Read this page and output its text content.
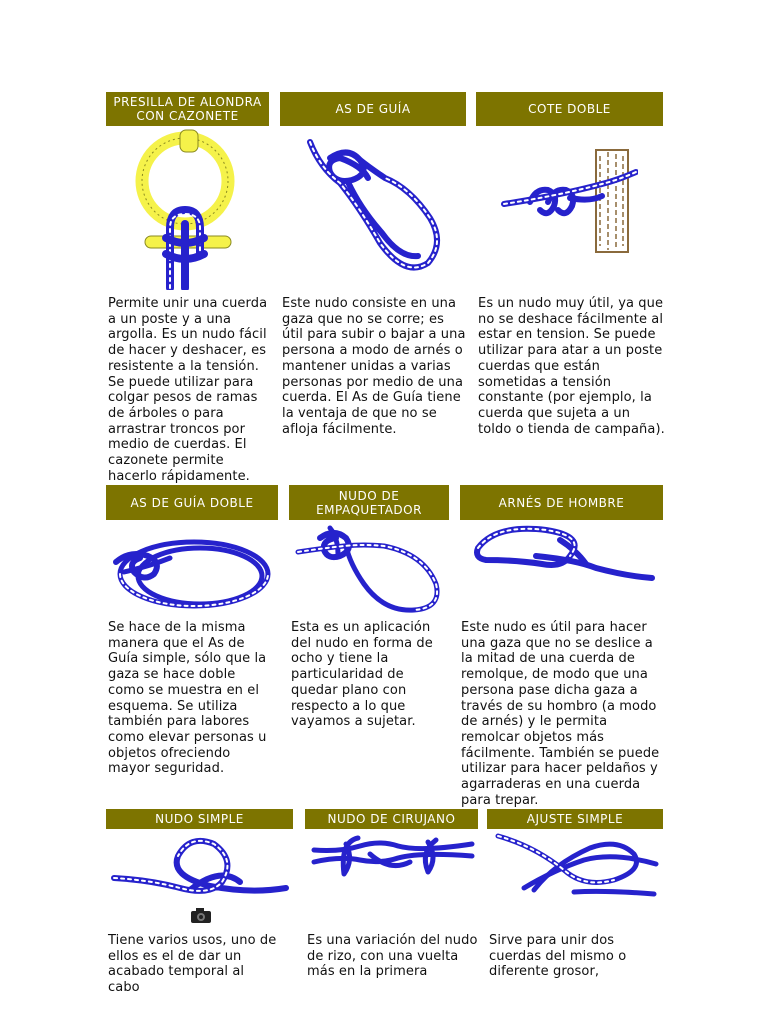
PRESILLA DE ALONDRA CON CAZONETE	AS DE GUÍA	COTE DOBLE
Permite unir una cuerda a un poste y a una argolla. Es un nudo fácil de hacer y deshacer, es resistente a la tensión. Se puede utilizar para colgar pesos de ramas de árboles o para arrastrar troncos por medio de cuerdas. El cazonete permite hacerlo rápidamente.
Este nudo consiste en una gaza que no se corre; es útil para subir o bajar a una persona a modo de arnés o mantener unidas a varias personas por medio de una cuerda. El As de Guía tiene la ventaja de que no se afloja fácilmente.
Es un nudo muy útil, ya que no se deshace fácilmente al estar en tension. Se puede utilizar para atar a un poste cuerdas que están sometidas a tensión constante (por ejemplo, la cuerda que sujeta a un toldo o tienda de campaña).
AS DE GUÍA DOBLE	NUDO DE EMPAQUETADOR	ARNÉS DE HOMBRE
Se hace de la misma manera que el As de Guía simple, sólo que la gaza se hace doble como se muestra en el esquema. Se utiliza también para labores como elevar personas u objetos ofreciendo mayor seguridad.
Esta es un aplicación del nudo en forma de ocho y tiene la particularidad de quedar plano con respecto a lo que vayamos a sujetar.
Este nudo es útil para hacer una gaza que no se deslice a la mitad de una cuerda de remolque, de modo que una persona pase dicha gaza a través de su hombro (a modo de arnés) y le permita remolcar objetos más fácilmente. También se puede utilizar para hacer peldaños y agarraderas en una cuerda para trepar.
NUDO SIMPLE	NUDO DE CIRUJANO	AJUSTE SIMPLE
Tiene varios usos, uno de ellos es el de dar un acabado temporal al cabo
Es una variación del nudo de rizo, con una vuelta más en la primera
Sirve para unir dos cuerdas del mismo o diferente grosor,
